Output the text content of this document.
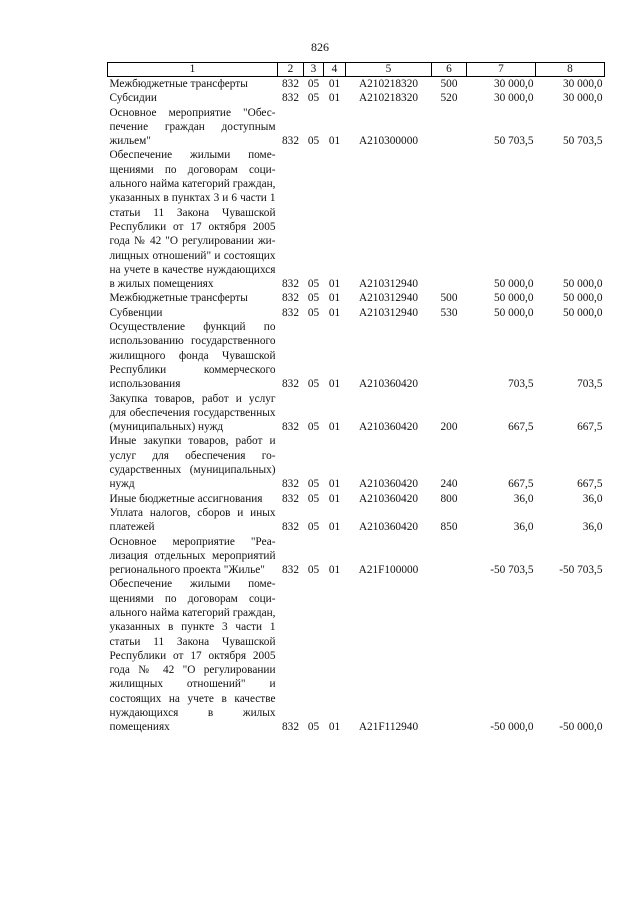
826
1	2	3	4	5	6	7	8
Межбюджетные трансферты	832	05	01	А210218320	500	30 000,0	30 000,0
Субсидии	832	05	01	А210218320	520	30 000,0	30 000,0
Основное мероприятие "Обеспечение граждан доступным жильем"	832	05	01	А210300000		50 703,5	50 703,5
Обеспечение жилыми помещениями по договорам социального найма категорий граждан, указанных в пунктах 3 и 6 части 1 статьи 11 Закона Чувашской Республики от 17 октября 2005 года № 42 "О регулировании жилищных отношений" и состоящих на учете в качестве нуждающихся в жилых помещениях	832	05	01	А210312940		50 000,0	50 000,0
Межбюджетные трансферты	832	05	01	А210312940	500	50 000,0	50 000,0
Субвенции	832	05	01	А210312940	530	50 000,0	50 000,0
Осуществление функций по использованию государственного жилищного фонда Чувашской Республики коммерческого использования	832	05	01	А210360420		703,5	703,5
Закупка товаров, работ и услуг для обеспечения государственных (муниципальных) нужд	832	05	01	А210360420	200	667,5	667,5
Иные закупки товаров, работ и услуг для обеспечения государственных (муниципальных) нужд	832	05	01	А210360420	240	667,5	667,5
Иные бюджетные ассигнования	832	05	01	А210360420	800	36,0	36,0
Уплата налогов, сборов и иных платежей	832	05	01	А210360420	850	36,0	36,0
Основное мероприятие "Реализация отдельных мероприятий регионального проекта "Жилье"	832	05	01	А21F100000		-50 703,5	-50 703,5
Обеспечение жилыми помещениями по договорам социального найма категорий граждан, указанных в пункте 3 части 1 статьи 11 Закона Чувашской Республики от 17 октября 2005 года № 42 "О регулировании жилищных отношений" и состоящих на учете в качестве нуждающихся в жилых помещениях	832	05	01	А21F112940		-50 000,0	-50 000,0
